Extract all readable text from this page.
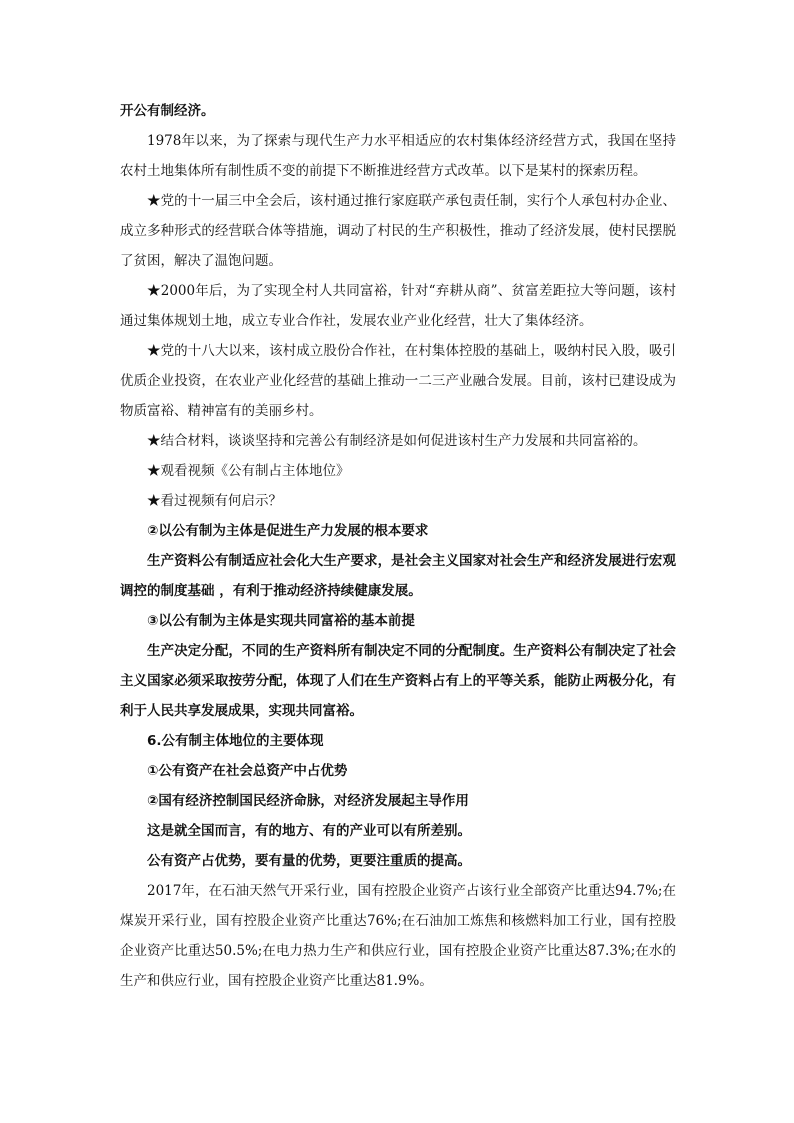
开公有制经济。

1978年以来，为了探索与现代生产力水平相适应的农村集体经济经营方式，我国在坚持农村土地集体所有制性质不变的前提下不断推进经营方式改革。以下是某村的探索历程。

★党的十一届三中全会后，该村通过推行家庭联产承包责任制，实行个人承包村办企业、成立多种形式的经营联合体等措施，调动了村民的生产积极性，推动了经济发展，使村民摆脱了贫困，解决了温饱问题。

★2000年后，为了实现全村人共同富裕，针对“弃耕从商”、贫富差距拉大等问题，该村通过集体规划土地，成立专业合作社，发展农业产业化经营，壮大了集体经济。

★党的十八大以来，该村成立股份合作社，在村集体控股的基础上，吸纳村民入股，吸引优质企业投资，在农业产业化经营的基础上推动一二三产业融合发展。目前，该村已建设成为物质富裕、精神富有的美丽乡村。

★结合材料，谈谈坚持和完善公有制经济是如何促进该村生产力发展和共同富裕的。

★观看视频《公有制占主体地位》

★看过视频有何启示？

②以公有制为主体是促进生产力发展的根本要求

生产资料公有制适应社会化大生产要求，是社会主义国家对社会生产和经济发展进行宏观调控的制度基础 ，有利于推动经济持续健康发展。

③以公有制为主体是实现共同富裕的基本前提

生产决定分配，不同的生产资料所有制决定不同的分配制度。生产资料公有制决定了社会主义国家必须采取按劳分配，体现了人们在生产资料占有上的平等关系，能防止两极分化，有利于人民共享发展成果，实现共同富裕。

6.公有制主体地位的主要体现

①公有资产在社会总资产中占优势

②国有经济控制国民经济命脉，对经济发展起主导作用

这是就全国而言，有的地方、有的产业可以有所差别。

公有资产占优势，要有量的优势，更要注重质的提高。

2017年，在石油天然气开采行业，国有控股企业资产占该行业全部资产比重达94.7%;在煤炭开采行业，国有控股企业资产比重达76%;在石油加工炼焦和核燃料加工行业，国有控股企业资产比重达50.5%;在电力热力生产和供应行业，国有控股企业资产比重达87.3%;在水的生产和供应行业，国有控股企业资产比重达81.9%。
